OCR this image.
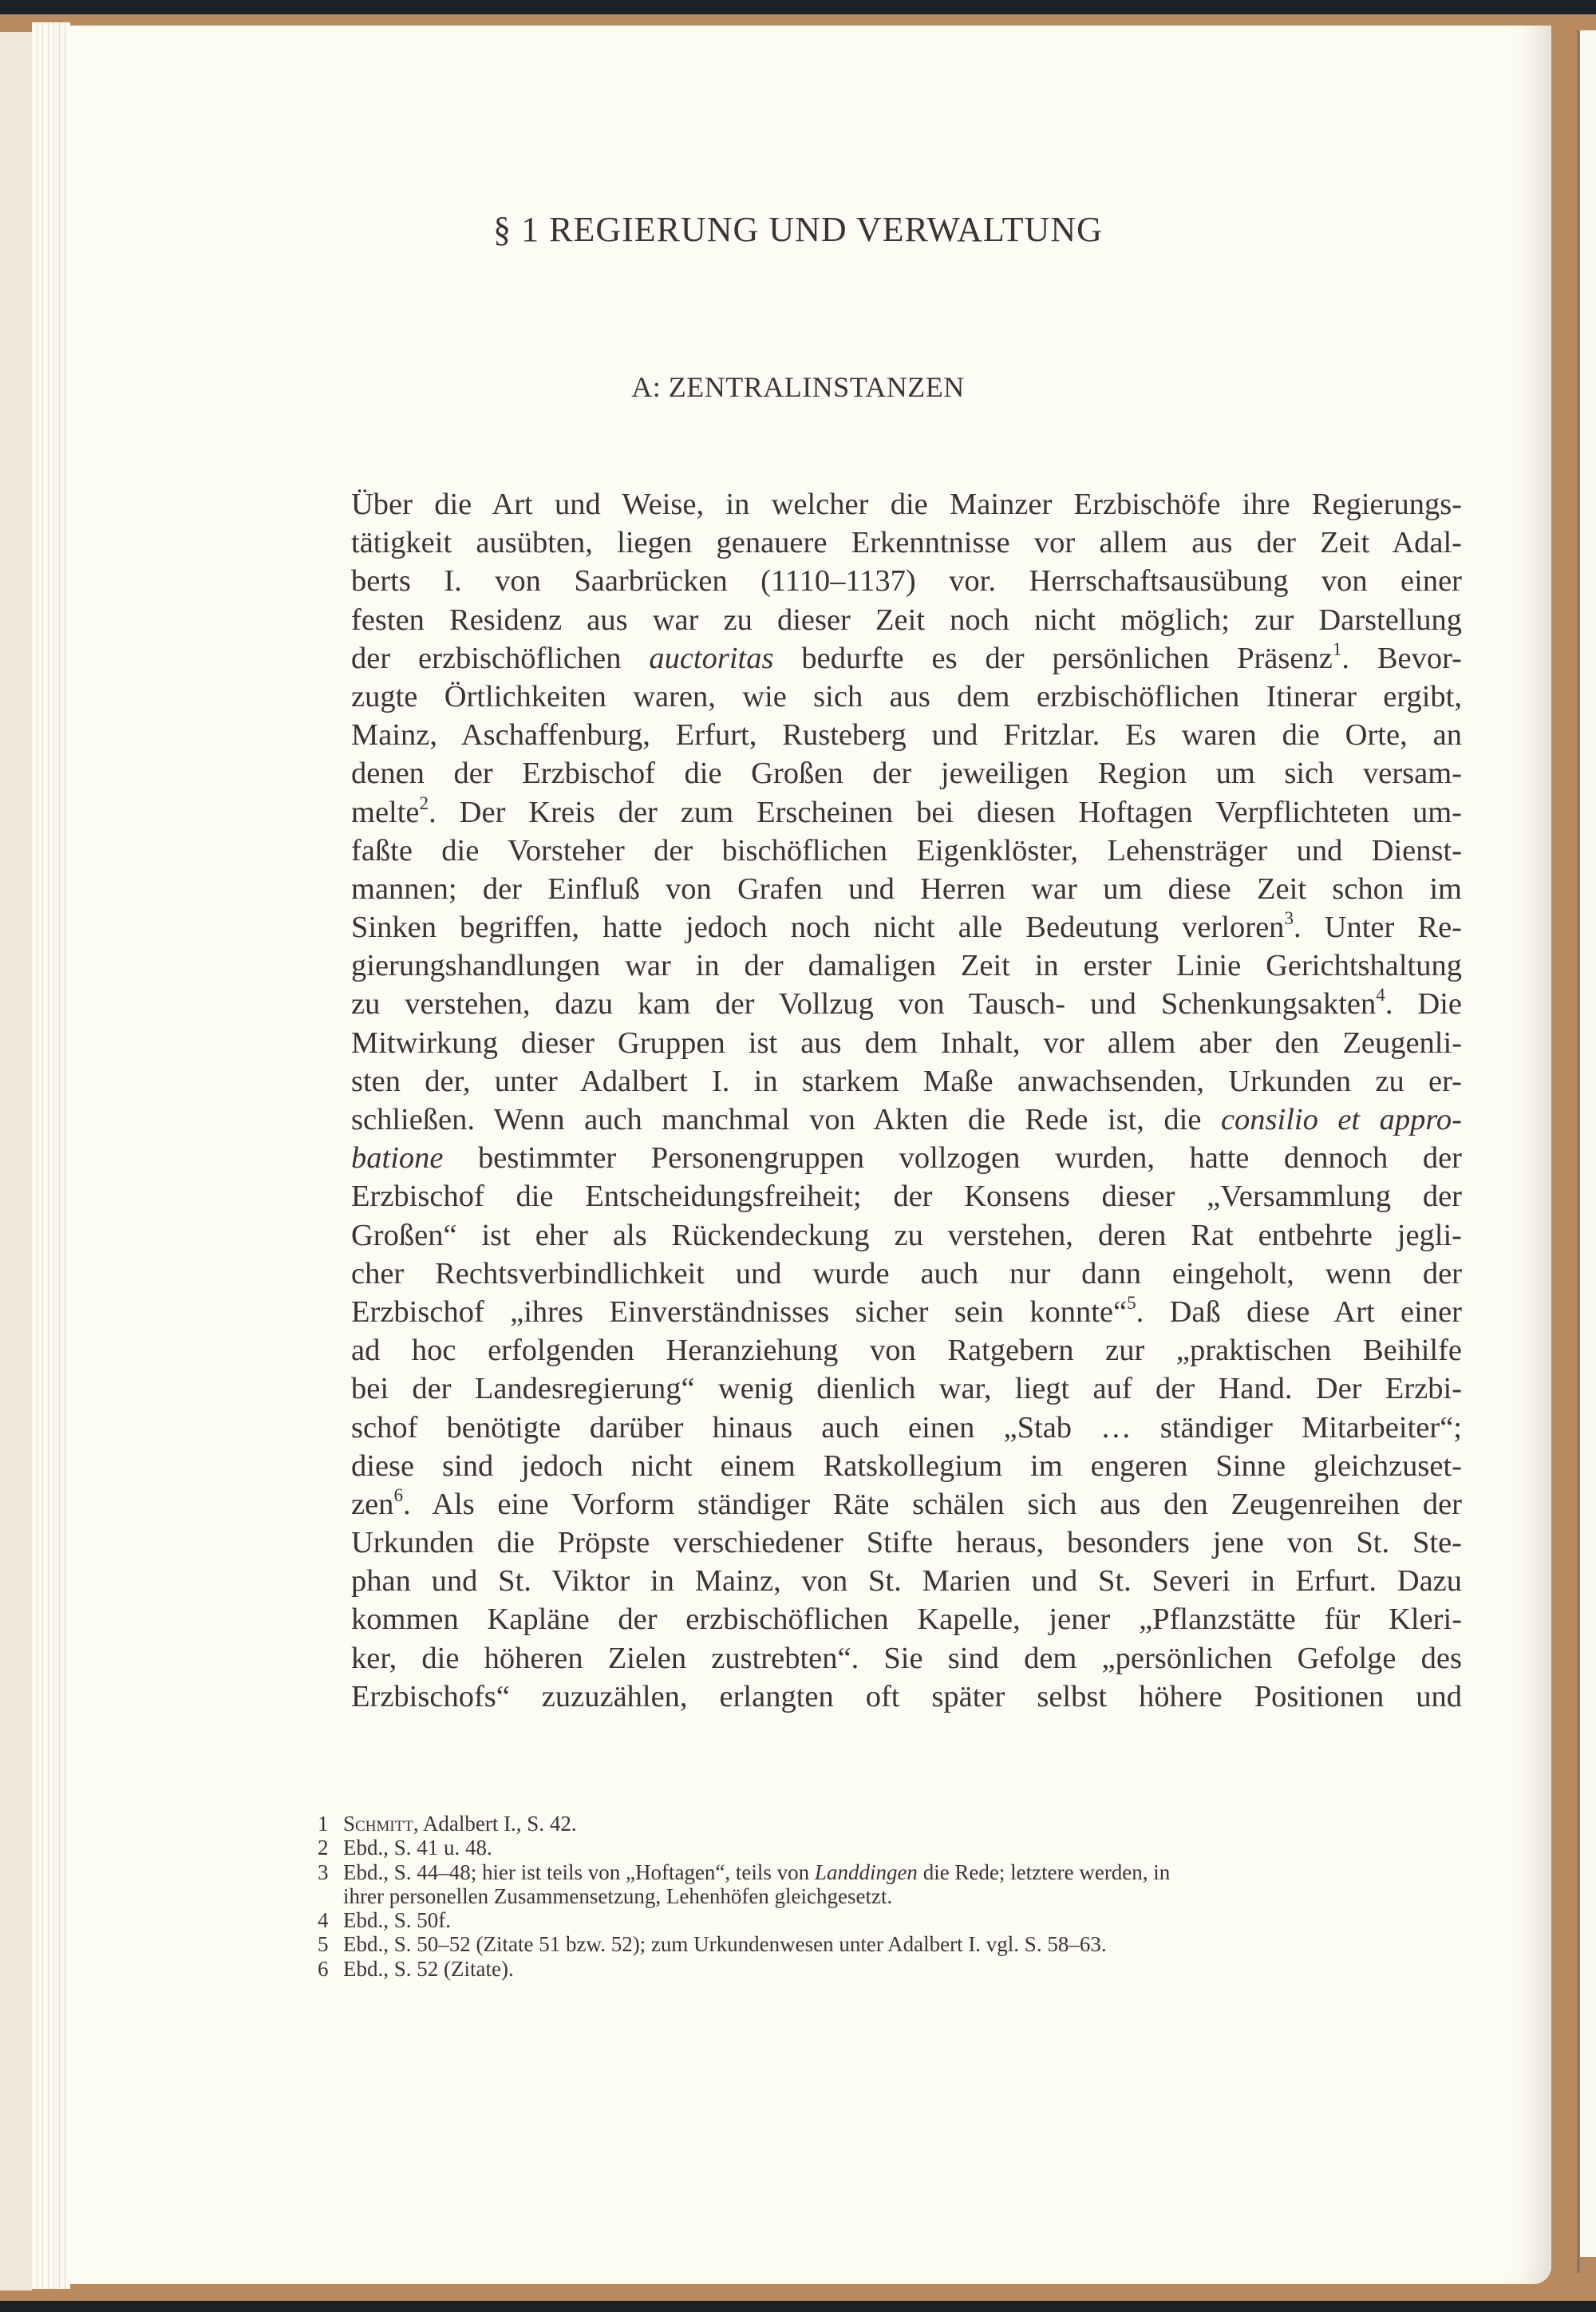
§ 1 REGIERUNG UND VERWALTUNG
A: ZENTRALINSTANZEN
Über die Art und Weise, in welcher die Mainzer Erzbischöfe ihre Regierungs-
tätigkeit ausübten, liegen genauere Erkenntnisse vor allem aus der Zeit Adal-
berts I. von Saarbrücken (1110–1137) vor. Herrschaftsausübung von einer
festen Residenz aus war zu dieser Zeit noch nicht möglich; zur Darstellung
der erzbischöflichen auctoritas bedurfte es der persönlichen Präsenz$^1$. Bevor-
zugte Örtlichkeiten waren, wie sich aus dem erzbischöflichen Itinerar ergibt,
Mainz, Aschaffenburg, Erfurt, Rusteberg und Fritzlar. Es waren die Orte, an
denen der Erzbischof die Großen der jeweiligen Region um sich versam-
melte$^2$. Der Kreis der zum Erscheinen bei diesen Hoftagen Verpflichteten um-
faßte die Vorsteher der bischöflichen Eigenklöster, Lehensträger und Dienst-
mannen; der Einfluß von Grafen und Herren war um diese Zeit schon im
Sinken begriffen, hatte jedoch noch nicht alle Bedeutung verloren$^3$. Unter Re-
gierungshandlungen war in der damaligen Zeit in erster Linie Gerichtshaltung
zu verstehen, dazu kam der Vollzug von Tausch- und Schenkungsakten$^4$. Die
Mitwirkung dieser Gruppen ist aus dem Inhalt, vor allem aber den Zeugenli-
sten der, unter Adalbert I. in starkem Maße anwachsenden, Urkunden zu er-
schließen. Wenn auch manchmal von Akten die Rede ist, die consilio et appro-
batione bestimmter Personengruppen vollzogen wurden, hatte dennoch der
Erzbischof die Entscheidungsfreiheit; der Konsens dieser „Versammlung der
Großen“ ist eher als Rückendeckung zu verstehen, deren Rat entbehrte jegli-
cher Rechtsverbindlichkeit und wurde auch nur dann eingeholt, wenn der
Erzbischof „ihres Einverständnisses sicher sein konnte“$^5$. Daß diese Art einer
ad hoc erfolgenden Heranziehung von Ratgebern zur „praktischen Beihilfe
bei der Landesregierung“ wenig dienlich war, liegt auf der Hand. Der Erzbi-
schof benötigte darüber hinaus auch einen „Stab … ständiger Mitarbeiter“;
diese sind jedoch nicht einem Ratskollegium im engeren Sinne gleichzuset-
zen$^6$. Als eine Vorform ständiger Räte schälen sich aus den Zeugenreihen der
Urkunden die Pröpste verschiedener Stifte heraus, besonders jene von St. Ste-
phan und St. Viktor in Mainz, von St. Marien und St. Severi in Erfurt. Dazu
kommen Kapläne der erzbischöflichen Kapelle, jener „Pflanzstätte für Kleri-
ker, die höheren Zielen zustrebten“. Sie sind dem „persönlichen Gefolge des
Erzbischofs“ zuzuzählen, erlangten oft später selbst höhere Positionen und
1 Schmitt, Adalbert I., S. 42.
2 Ebd., S. 41 u. 48.
3 Ebd., S. 44–48; hier ist teils von „Hoftagen“, teils von Landdingen die Rede; letztere werden, in
ihrer personellen Zusammensetzung, Lehenhöfen gleichgesetzt.
4 Ebd., S. 50f.
5 Ebd., S. 50–52 (Zitate 51 bzw. 52); zum Urkundenwesen unter Adalbert I. vgl. S. 58–63.
6 Ebd., S. 52 (Zitate).
